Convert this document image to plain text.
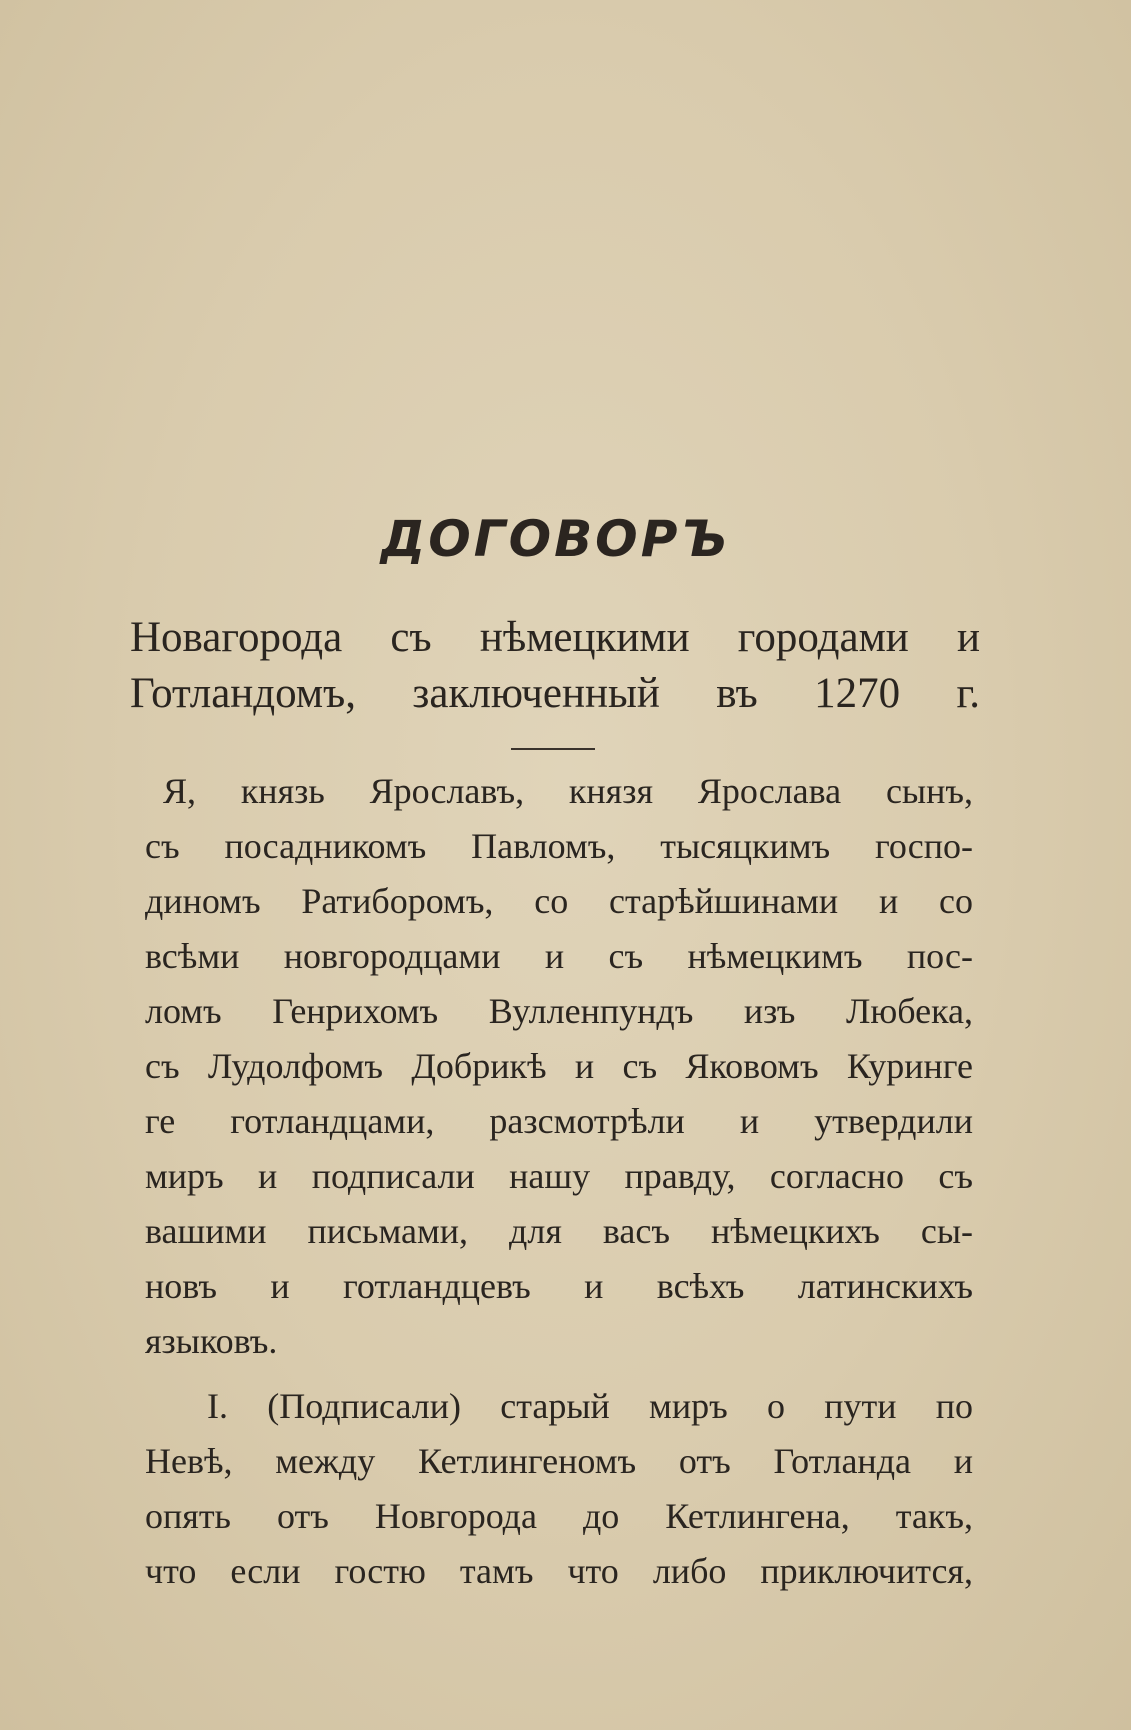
ДОГОВОРЪ
Новагорода съ нѣмецкими городами и
Готландомъ, заключенный въ 1270 г.
Я, князь Ярославъ, князя Ярослава сынъ,
съ посадникомъ Павломъ, тысяцкимъ госпо-
диномъ Ратиборомъ, со старѣйшинами и со
всѣми новгородцами и съ нѣмецкимъ пос-
ломъ Генрихомъ Вулленпундъ изъ Любека,
съ Лудолфомъ Добрикѣ и съ Яковомъ Куринге
ге готландцами, разсмотрѣли и утвердили
миръ и подписали нашу правду, согласно съ
вашими письмами, для васъ нѣмецкихъ сы-
новъ и готландцевъ и всѣхъ латинскихъ
языковъ.
I. (Подписали) старый миръ о пути по
Невѣ, между Кетлингеномъ отъ Готланда и
опять отъ Новгорода до Кетлингена, такъ,
что если гостю тамъ что либо приключится,
